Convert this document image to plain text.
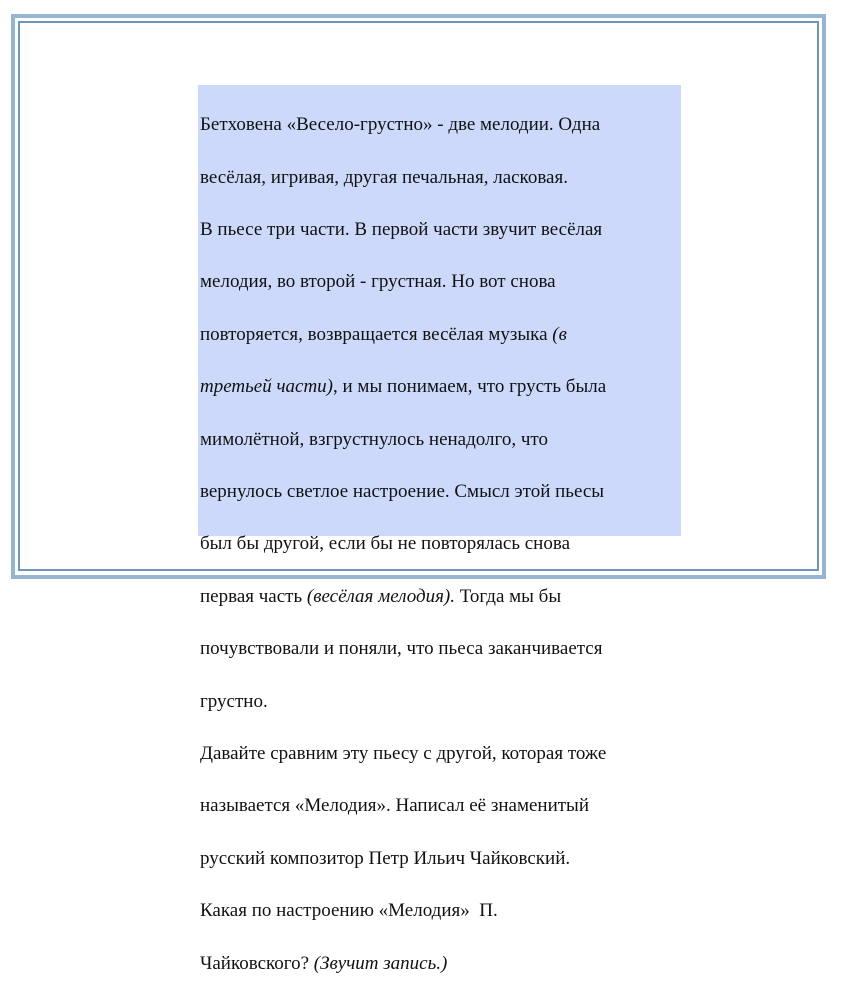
Бетховена «Весело-грустно» - две мелодии. Одна

весёлая, игривая, другая печальная, ласковая.

В пьесе три части. В первой части звучит весёлая

мелодия, во второй - грустная. Но вот снова

повторяется, возвращается весёлая музыка (в

третьей части), и мы понимаем, что грусть была

мимолётной, взгрустнулось ненадолго, что

вернулось светлое настроение. Смысл этой пьесы

был бы другой, если бы не повторялась снова

первая часть (весёлая мелодия). Тогда мы бы

почувствовали и поняли, что пьеса заканчивается

грустно.

Давайте сравним эту пьесу с другой, которая тоже

называется «Мелодия». Написал её знаменитый

русский композитор Петр Ильич Чайковский.

Какая по настроению «Мелодия»  П.

Чайковского? (Звучит запись.)
